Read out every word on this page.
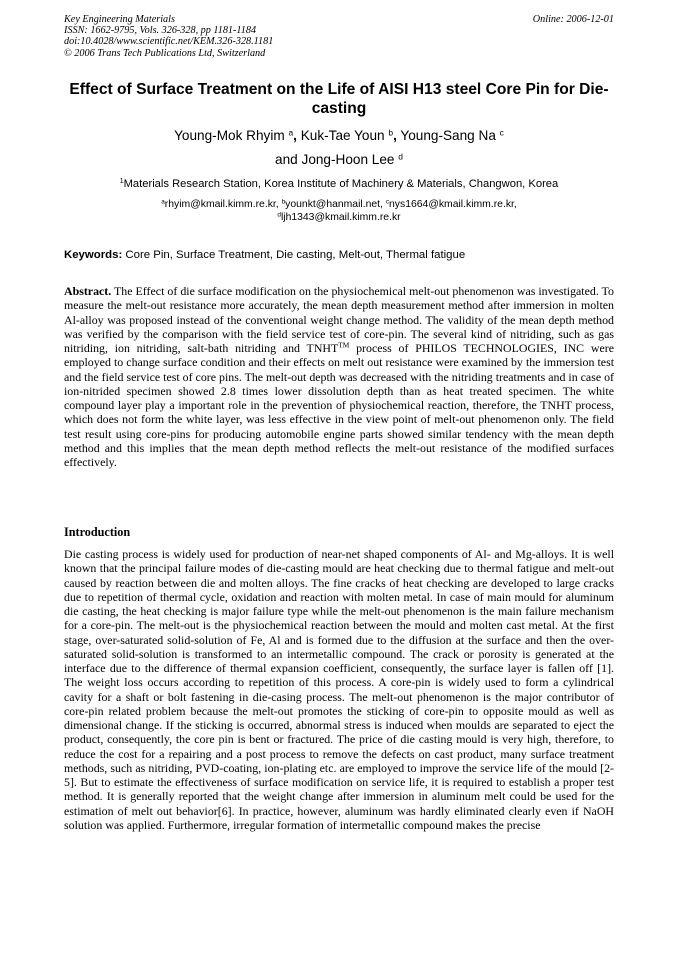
Key Engineering Materials
ISSN: 1662-9795, Vols. 326-328, pp 1181-1184
doi:10.4028/www.scientific.net/KEM.326-328.1181
© 2006 Trans Tech Publications Ltd, Switzerland
Online: 2006-12-01
Effect of Surface Treatment on the Life of AISI H13 steel Core Pin for Die-casting
Young-Mok Rhyim $^a$, Kuk-Tae Youn $^b$, Young-Sang Na $^c$
and Jong-Hoon Lee $^d$
$^1$Materials Research Station, Korea Institute of Machinery & Materials, Changwon, Korea
$^a$rhyim@kmail.kimm.re.kr, $^b$younkt@hanmail.net, $^c$nys1664@kmail.kimm.re.kr,
$^d$ljh1343@kmail.kimm.re.kr
Keywords: Core Pin, Surface Treatment, Die casting, Melt-out, Thermal fatigue
Abstract. The Effect of die surface modification on the physiochemical melt-out phenomenon was investigated. To measure the melt-out resistance more accurately, the mean depth measurement method after immersion in molten Al-alloy was proposed instead of the conventional weight change method. The validity of the mean depth method was verified by the comparison with the field service test of core-pin. The several kind of nitriding, such as gas nitriding, ion nitriding, salt-bath nitriding and TNHT™ process of PHILOS TECHNOLOGIES, INC were employed to change surface condition and their effects on melt out resistance were examined by the immersion test and the field service test of core pins. The melt-out depth was decreased with the nitriding treatments and in case of ion-nitrided specimen showed 2.8 times lower dissolution depth than as heat treated specimen. The white compound layer play a important role in the prevention of physiochemical reaction, therefore, the TNHT process, which does not form the white layer, was less effective in the view point of melt-out phenomenon only. The field test result using core-pins for producing automobile engine parts showed similar tendency with the mean depth method and this implies that the mean depth method reflects the melt-out resistance of the modified surfaces effectively.
Introduction
Die casting process is widely used for production of near-net shaped components of Al- and Mg-alloys. It is well known that the principal failure modes of die-casting mould are heat checking due to thermal fatigue and melt-out caused by reaction between die and molten alloys. The fine cracks of heat checking are developed to large cracks due to repetition of thermal cycle, oxidation and reaction with molten metal. In case of main mould for aluminum die casting, the heat checking is major failure type while the melt-out phenomenon is the main failure mechanism for a core-pin. The melt-out is the physiochemical reaction between the mould and molten cast metal. At the first stage, over-saturated solid-solution of Fe, Al and is formed due to the diffusion at the surface and then the over-saturated solid-solution is transformed to an intermetallic compound. The crack or porosity is generated at the interface due to the difference of thermal expansion coefficient, consequently, the surface layer is fallen off [1]. The weight loss occurs according to repetition of this process. A core-pin is widely used to form a cylindrical cavity for a shaft or bolt fastening in die-casing process. The melt-out phenomenon is the major contributor of core-pin related problem because the melt-out promotes the sticking of core-pin to opposite mould as well as dimensional change. If the sticking is occurred, abnormal stress is induced when moulds are separated to eject the product, consequently, the core pin is bent or fractured. The price of die casting mould is very high, therefore, to reduce the cost for a repairing and a post process to remove the defects on cast product, many surface treatment methods, such as nitriding, PVD-coating, ion-plating etc. are employed to improve the service life of the mould [2-5]. But to estimate the effectiveness of surface modification on service life, it is required to establish a proper test method. It is generally reported that the weight change after immersion in aluminum melt could be used for the estimation of melt out behavior[6]. In practice, however, aluminum was hardly eliminated clearly even if NaOH solution was applied. Furthermore, irregular formation of intermetallic compound makes the precise
